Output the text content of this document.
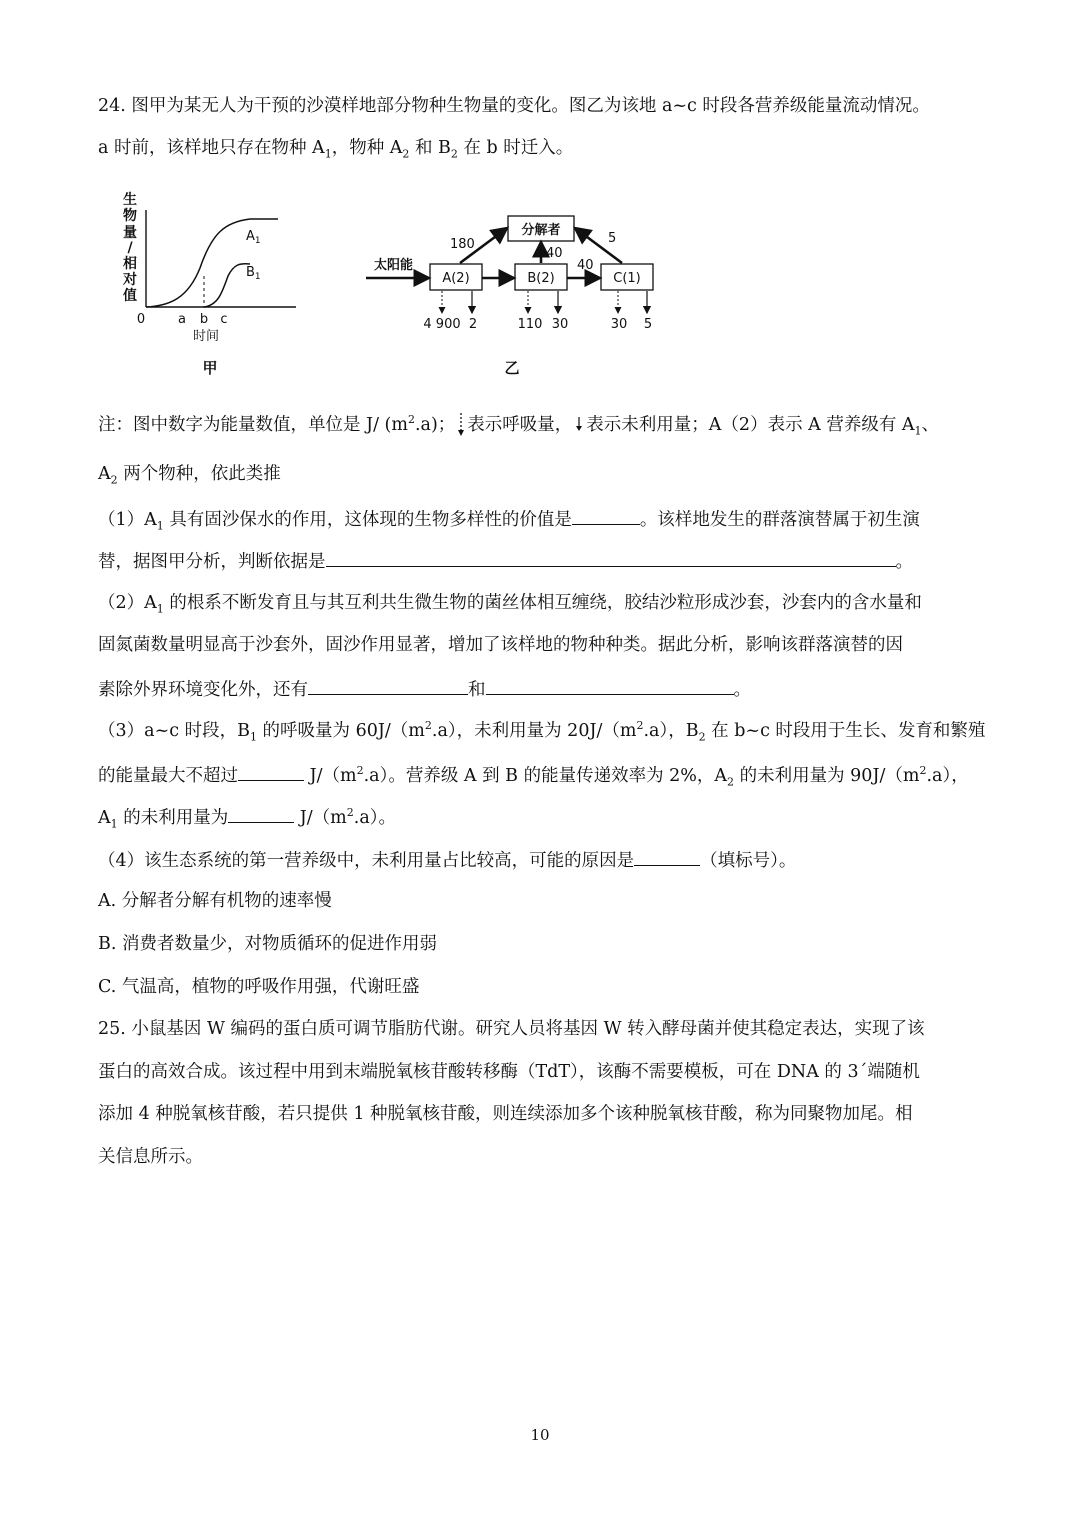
24. 图甲为某无人为干预的沙漠样地部分物种生物量的变化。图乙为该地 a~c 时段各营养级能量流动情况。
a 时前，该样地只存在物种 $A_1$，物种 $A_2$ 和 $B_2$ 在 b 时迁入。
生
物
量
/
相
对
值
$A_1$
$B_1$
0	a b c
时间
甲
分解者
A(2)	B(2)	C(1)
太阳能
180
40
5
40
4 900 2	110 30	30 5
乙
注：图中数字为能量数值，单位是 J/ $(m^2.a)$； 表示呼吸量， 表示未利用量；A（2）表示 A 营养级有 $A_1$、
$A_2$ 两个物种，依此类推
$(1)A_1$ 具有固沙保水的作用，这体现的生物多样性的价值是	。该样地发生的群落演替属于初生演
替，据图甲分析，判断依据是	。
$(2)A_1$ 的根系不断发育且与其互利共生微生物的菌丝体相互缠绕，胶结沙粒形成沙套，沙套内的含水量和
固氮菌数量明显高于沙套外，固沙作用显著，增加了该样地的物种种类。据此分析，影响该群落演替的因
素除外界环境变化外，还有	和	。
（3）a~c 时段，$B_1$ 的呼吸量为 $60J/(m^2.a)$，未利用量为 $20J/(m^2.a)$，$B_2$ 在 b~c 时段用于生长、发育和繁殖
的能量最大不超过	$J/(m^2.a)$。营养级 A 到 B 的能量传递效率为 2%，$A_2$ 的未利用量为 $90J/(m^2.a)$，
$A_1$ 的未利用量为	$J/(m^2.a)$。
（4）该生态系统的第一营养级中，未利用量占比较高，可能的原因是	（填标号）。
A. 分解者分解有机物的速率慢
B. 消费者数量少，对物质循环的促进作用弱
C. 气温高，植物的呼吸作用强，代谢旺盛
25. 小鼠基因 W 编码的蛋白质可调节脂肪代谢。研究人员将基因 W 转入酵母菌并使其稳定表达，实现了该
蛋白的高效合成。该过程中用到末端脱氧核苷酸转移酶（TdT），该酶不需要模板，可在 DNA 的 3´端随机
添加 4 种脱氧核苷酸，若只提供 1 种脱氧核苷酸，则连续添加多个该种脱氧核苷酸，称为同聚物加尾。相
关信息所示。
10
